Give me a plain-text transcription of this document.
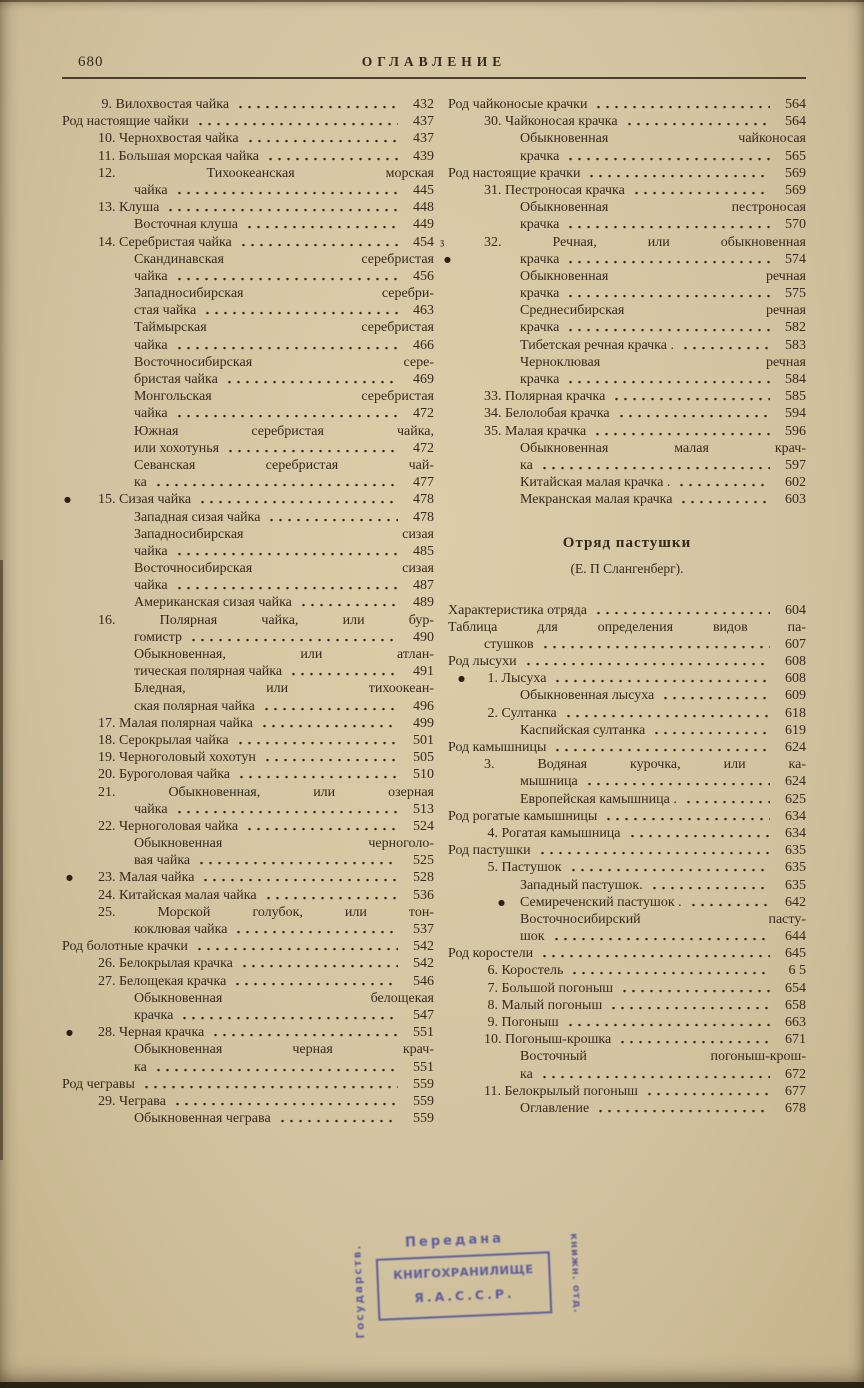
680	ОГЛАВЛЕНИЕ
9. Вилохвостая чайка	432
Род настоящие чайки	437
10. Чернохвостая чайка	437
11. Большая морская чайка	439
12. Тихоокеанская морская
чайка	445
13. Клуша	448
Восточная клуша	449
14. Серебристая чайка	454
Скандинавская серебристая
чайка	456
Западносибирская серебри-
стая чайка	463
Таймырская серебристая
чайка	466
Восточносибирская сере-
бристая чайка	469
Монгольская серебристая
чайка	472
Южная серебристая чайка,
или хохотунья	472
Севанская серебристая чай-
ка	477
● 15. Сизая чайка	478
Западная сизая чайка	478
Западносибирская сизая
чайка	485
Восточносибирская сизая
чайка	487
Американская сизая чайка	489
16. Полярная чайка, или бур-
гомистр	490
Обыкновенная, или атлан-
тическая полярная чайка	491
Бледная, или тихоокеан-
ская полярная чайка	496
17. Малая полярная чайка	499
18. Серокрылая чайка	501
19. Черноголовый хохотун	505
20. Буроголовая чайка	510
21. Обыкновенная, или озерная
чайка	513
22. Черноголовая чайка	524
Обыкновенная черноголо-
вая чайка	525
● 23. Малая чайка	528
24. Китайская малая чайка	536
25. Морской голубок, или тон-
коклювая чайка	537
Род болотные крачки	542
26. Белокрылая крачка	542
27. Белощекая крачка	546
Обыкновенная белощекая
крачка	547
● 28. Черная крачка	551
Обыкновенная черная крач-
ка	551
Род чегравы	559
29. Чеграва	559
Обыкновенная чеграва	559
Род чайконосые крачки	564
30. Чайконосая крачка	564
Обыкновенная чайконосая
крачка	565
Род настоящие крачки	569
31. Пестроносая крачка	569
Обыкновенная пестроносая
крачка	570
ʒ	32. Речная, или обыкновенная
●	крачка	574
Обыкновенная речная
крачка	575
Среднесибирская речная
крачка	582
Тибетская речная крачка .	583
Черноклювая речная
крачка	584
33. Полярная крачка	585
34. Белолобая крачка	594
35. Малая крачка	596
Обыкновенная малая крач-
ка	597
Китайская малая крачка .	602
Мекранская малая крачка	603
Отряд пастушки
(Е. П Слангенберг).
Характеристика отряда	604
Таблица для определения видов па-
стушков	607
Род лысухи	608
● 1. Лысуха	608
Обыкновенная лысуха	609
2. Султанка	618
Каспийская султанка	619
Род камышницы	624
3. Водяная курочка, или ка-
мышница	624
Европейская камышница .	625
Род рогатые камышницы	634
4. Рогатая камышница	634
Род пастушки	635
5. Пастушок	635
Западный пастушок.	635
● Семиреченский пастушок .	642
Восточносибирский пасту-
шок	644
Род коростели	645
6. Коростель	6 5
7. Большой погоныш	654
8. Малый погоныш	658
9. Погоныш	663
10. Погоныш-крошка	671
Восточный погоныш-крош-
ка	672
11. Белокрылый погоныш	677
Оглавление	678
Государств.
Передана
КНИГОХРАНИЛИЩЕ
Я.А.С.С.Р.	книжн. отд.
